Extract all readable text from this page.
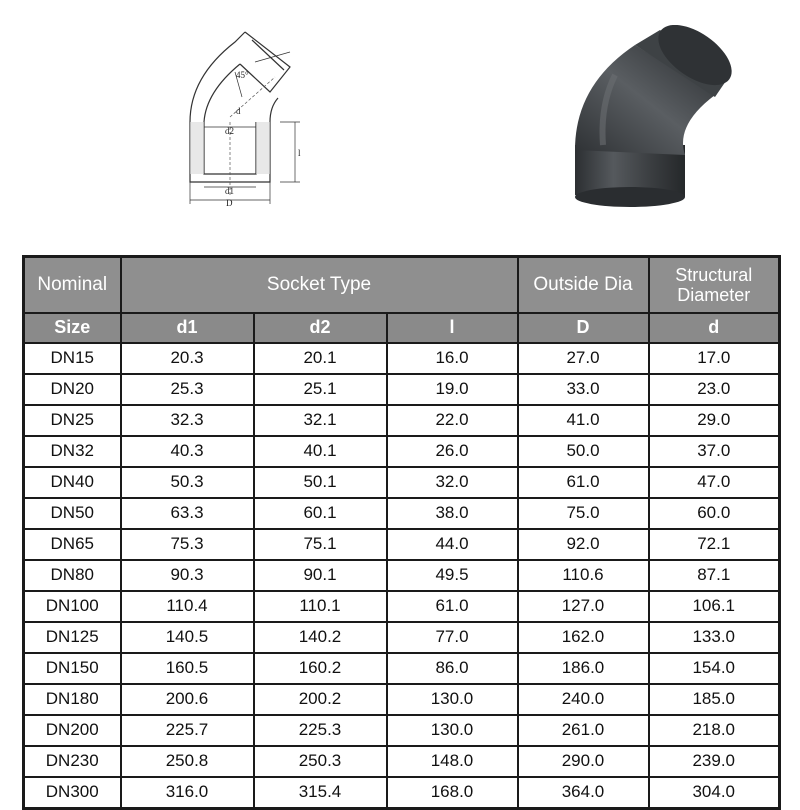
45°
d
d2
l
d1
D
Nominal	Socket Type			Outside Dia	Structural
Diameter
Size	d1	d2	l	D	d
DN15	20.3	20.1	16.0	27.0	17.0
DN20	25.3	25.1	19.0	33.0	23.0
DN25	32.3	32.1	22.0	41.0	29.0
DN32	40.3	40.1	26.0	50.0	37.0
DN40	50.3	50.1	32.0	61.0	47.0
DN50	63.3	60.1	38.0	75.0	60.0
DN65	75.3	75.1	44.0	92.0	72.1
DN80	90.3	90.1	49.5	110.6	87.1
DN100	110.4	110.1	61.0	127.0	106.1
DN125	140.5	140.2	77.0	162.0	133.0
DN150	160.5	160.2	86.0	186.0	154.0
DN180	200.6	200.2	130.0	240.0	185.0
DN200	225.7	225.3	130.0	261.0	218.0
DN230	250.8	250.3	148.0	290.0	239.0
DN300	316.0	315.4	168.0	364.0	304.0
